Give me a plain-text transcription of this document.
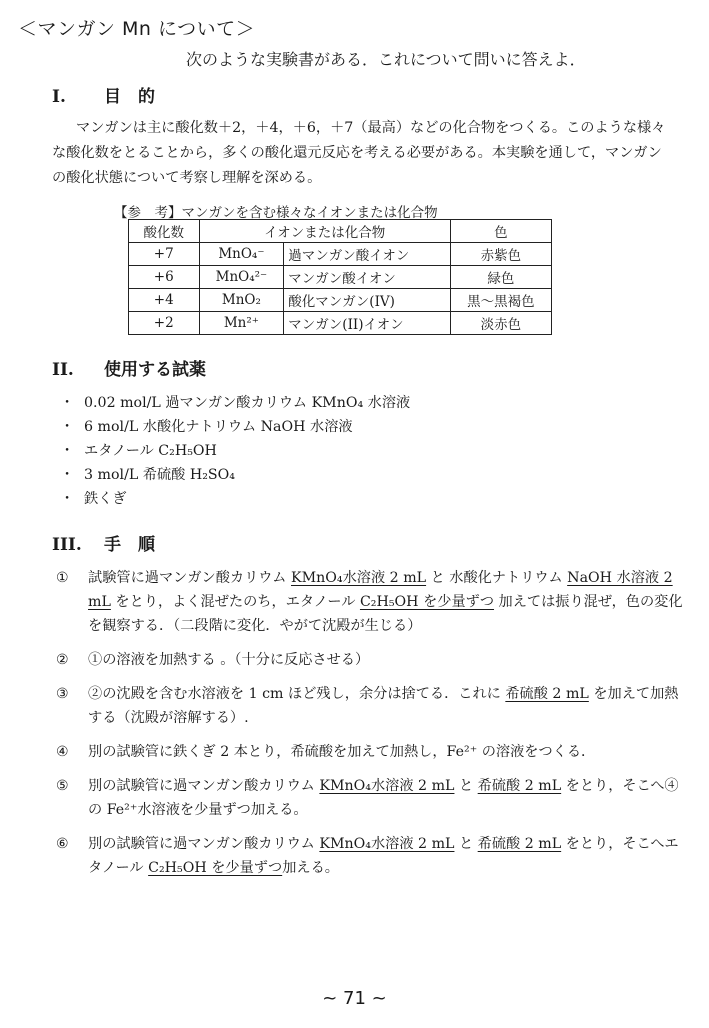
＜マンガン Mn について＞
次のような実験書がある．これについて問いに答えよ．
I. 目　的

マンガンは主に酸化数＋2，＋4，＋6，＋7（最高）などの化合物をつくる。このような様々な酸化数をとることから，多くの酸化還元反応を考える必要がある。本実験を通して，マンガンの酸化状態について考察し理解を深める。

【参　考】マンガンを含む様々なイオンまたは化合物
酸化数	イオンまたは化合物		色
+7	MnO₄⁻	過マンガン酸イオン	赤紫色
+6	MnO₄²⁻	マンガン酸イオン	緑色
+4	MnO₂	酸化マンガン(IV)	黒～黒褐色
+2	Mn²⁺	マンガン(II)イオン	淡赤色
II. 使用する試薬
・ 0.02 mol/L 過マンガン酸カリウム KMnO₄ 水溶液
・ 6 mol/L 水酸化ナトリウム NaOH 水溶液
・ エタノール C₂H₅OH
・ 3 mol/L 希硫酸 H₂SO₄
・ 鉄くぎ
III. 手　順
① 試験管に過マンガン酸カリウム KMnO₄水溶液 2 mL と 水酸化ナトリウム NaOH 水溶液 2 mL をとり，よく混ぜたのち，エタノール C₂H₅OH を少量ずつ 加えては振り混ぜ，色の変化を観察する．（二段階に変化．やがて沈殿が生じる）
② ①の溶液を加熱する 。（十分に反応させる）
③ ②の沈殿を含む水溶液を 1 cm ほど残し，余分は捨てる．これに 希硫酸 2 mL を加えて加熱する（沈殿が溶解する）.
④ 別の試験管に鉄くぎ 2 本とり，希硫酸を加えて加熱し，Fe²⁺ の溶液をつくる．
⑤ 別の試験管に過マンガン酸カリウム KMnO₄水溶液 2 mL と 希硫酸 2 mL をとり，そこへ④の Fe²⁺水溶液を少量ずつ加える。
⑥ 別の試験管に過マンガン酸カリウム KMnO₄水溶液 2 mL と 希硫酸 2 mL をとり，そこへエタノール C₂H₅OH を少量ずつ加える。
~ 71 ~
